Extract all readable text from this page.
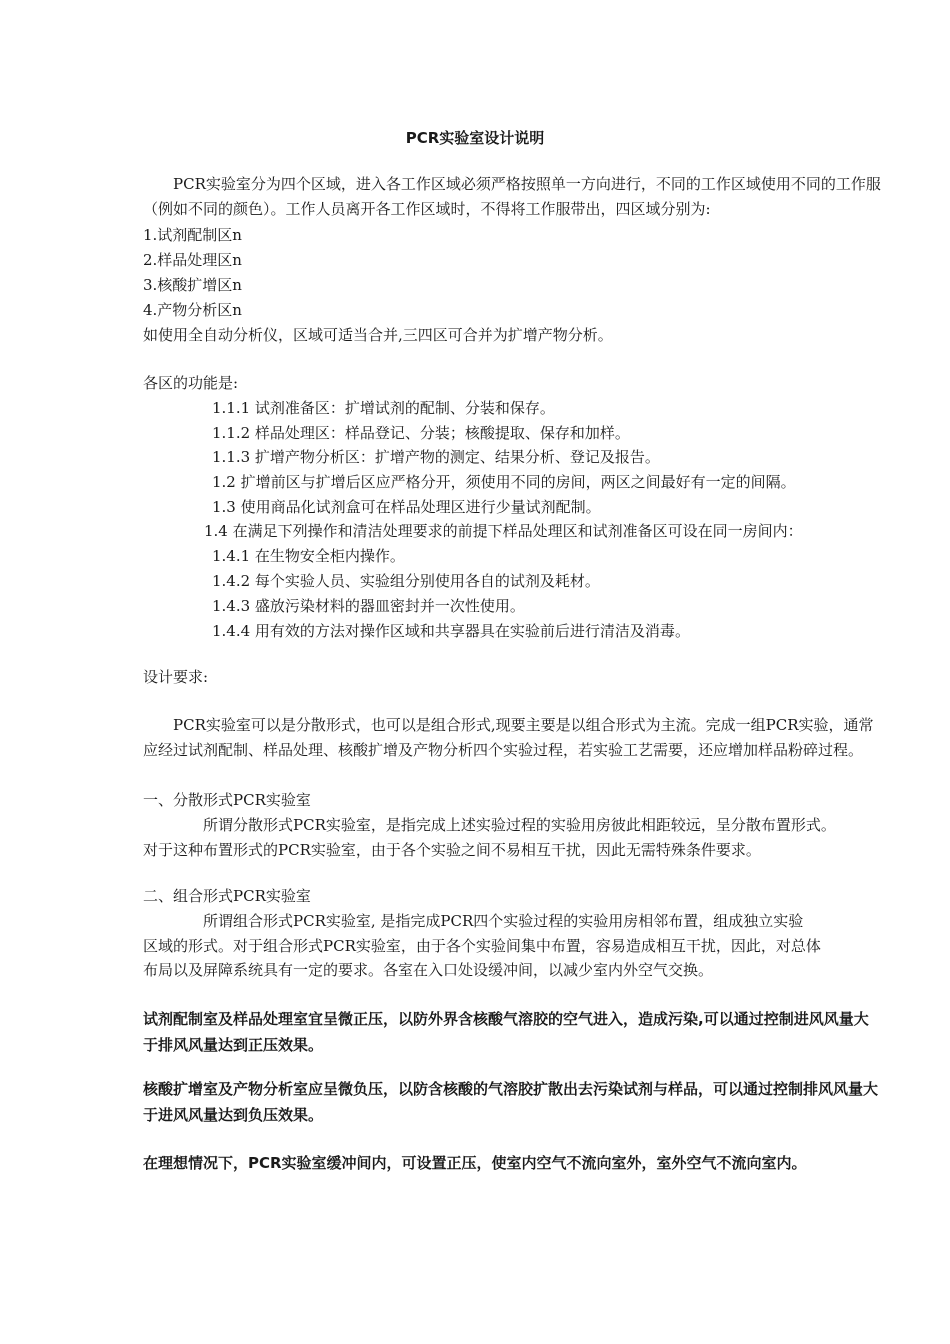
PCR实验室设计说明
PCR实验室分为四个区域，进入各工作区域必须严格按照单一方向进行，不同的工作区域使用不同的工作服（例如不同的颜色）。工作人员离开各工作区域时，不得将工作服带出，四区域分别为:
1.试剂配制区n
2.样品处理区n
3.核酸扩增区n
4.产物分析区n
如使用全自动分析仪，区域可适当合并,三四区可合并为扩增产物分析。
各区的功能是:
1.1.1 试剂准备区：扩增试剂的配制、分装和保存。
1.1.2 样品处理区：样品登记、分装；核酸提取、保存和加样。
1.1.3 扩增产物分析区：扩增产物的测定、结果分析、登记及报告。
1.2 扩增前区与扩增后区应严格分开，须使用不同的房间，两区之间最好有一定的间隔。
1.3 使用商品化试剂盒可在样品处理区进行少量试剂配制。
1.4 在满足下列操作和清洁处理要求的前提下样品处理区和试剂准备区可设在同一房间内：
1.4.1 在生物安全柜内操作。
1.4.2 每个实验人员、实验组分别使用各自的试剂及耗材。
1.4.3 盛放污染材料的器皿密封并一次性使用。
1.4.4 用有效的方法对操作区域和共享器具在实验前后进行清洁及消毒。
设计要求:
PCR实验室可以是分散形式，也可以是组合形式,现要主要是以组合形式为主流。完成一组PCR实验，通常应经过试剂配制、样品处理、核酸扩增及产物分析四个实验过程，若实验工艺需要，还应增加样品粉碎过程。
一、分散形式PCR实验室
所谓分散形式PCR实验室，是指完成上述实验过程的实验用房彼此相距较远，呈分散布置形式。
对于这种布置形式的PCR实验室，由于各个实验之间不易相互干扰，因此无需特殊条件要求。
二、组合形式PCR实验室
所谓组合形式PCR实验室, 是指完成PCR四个实验过程的实验用房相邻布置，组成独立实验
区域的形式。对于组合形式PCR实验室，由于各个实验间集中布置，容易造成相互干扰，因此，对总体
布局以及屏障系统具有一定的要求。各室在入口处设缓冲间，以减少室内外空气交换。
试剂配制室及样品处理室宜呈微正压，以防外界含核酸气溶胶的空气进入，造成污染,可以通过控制进风风量大于排风风量达到正压效果。
核酸扩增室及产物分析室应呈微负压，以防含核酸的气溶胶扩散出去污染试剂与样品，可以通过控制排风风量大于进风风量达到负压效果。
在理想情况下，PCR实验室缓冲间内，可设置正压，使室内空气不流向室外，室外空气不流向室内。
